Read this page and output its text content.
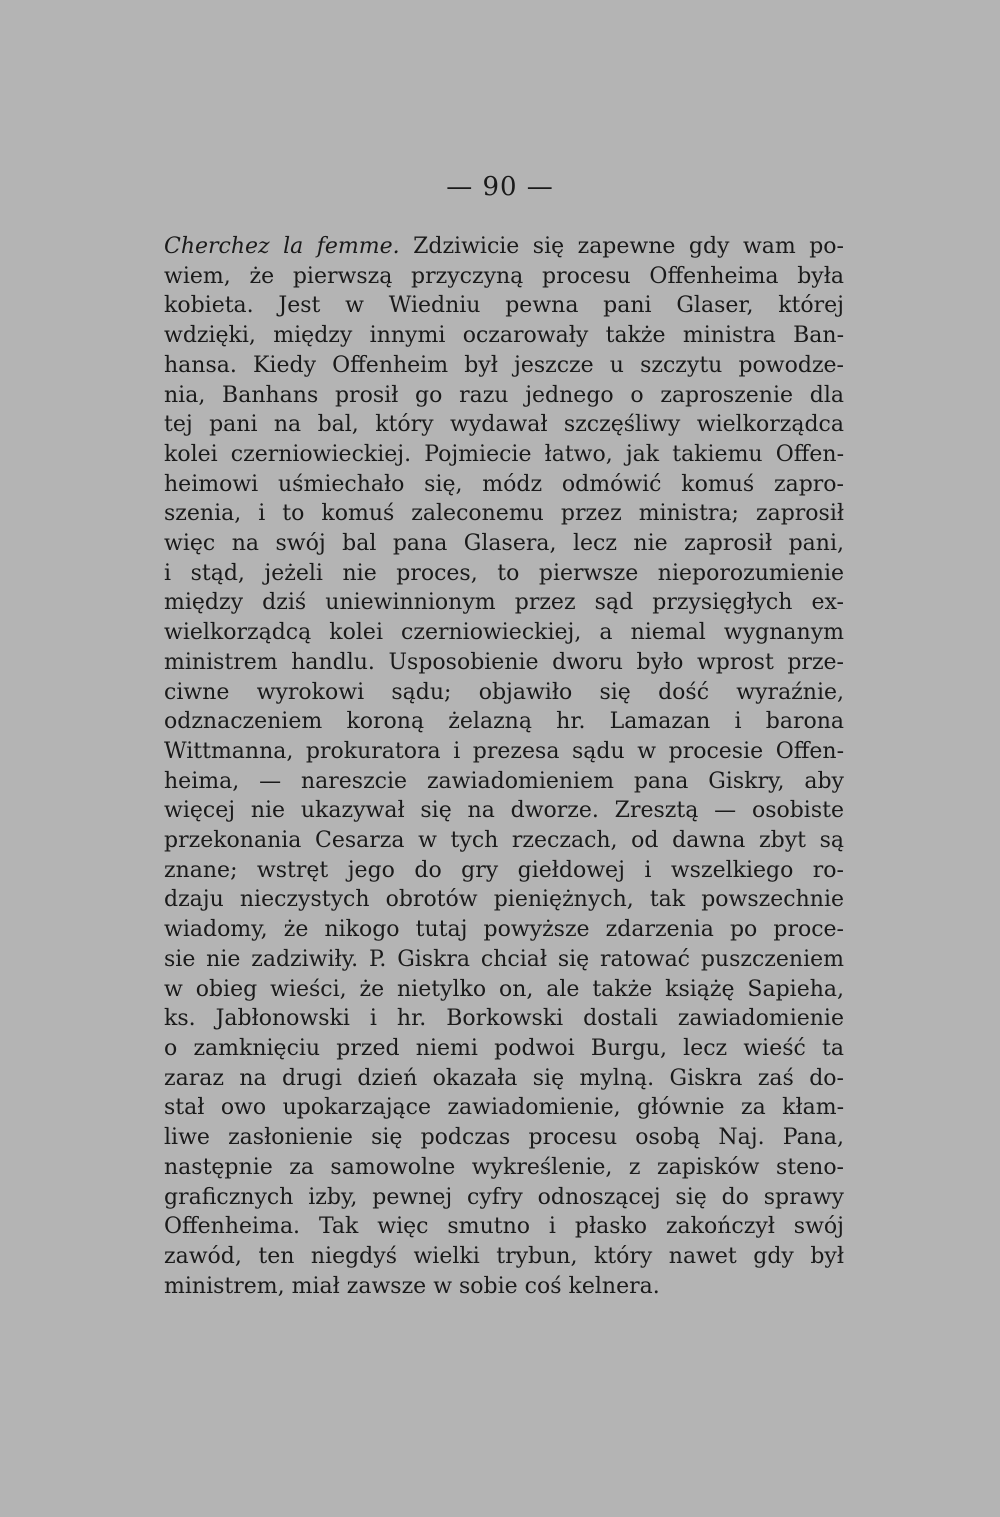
— 90 —
Cherchez la femme. Zdziwicie się zapewne gdy wam po-
wiem, że pierwszą przyczyną procesu Offenheima była
kobieta. Jest w Wiedniu pewna pani Glaser, której
wdzięki, między innymi oczarowały także ministra Ban-
hansa. Kiedy Offenheim był jeszcze u szczytu powodze-
nia, Banhans prosił go razu jednego o zaproszenie dla
tej pani na bal, który wydawał szczęśliwy wielkorządca
kolei czerniowieckiej. Pojmiecie łatwo, jak takiemu Offen-
heimowi uśmiechało się, módz odmówić komuś zapro-
szenia, i to komuś zaleconemu przez ministra; zaprosił
więc na swój bal pana Glasera, lecz nie zaprosił pani,
i stąd, jeżeli nie proces, to pierwsze nieporozumienie
między dziś uniewinnionym przez sąd przysięgłych ex-
wielkorządcą kolei czerniowieckiej, a niemal wygnanym
ministrem handlu. Usposobienie dworu było wprost prze-
ciwne wyrokowi sądu; objawiło się dość wyraźnie,
odznaczeniem koroną żelazną hr. Lamazan i barona
Wittmanna, prokuratora i prezesa sądu w procesie Offen-
heima, — nareszcie zawiadomieniem pana Giskry, aby
więcej nie ukazywał się na dworze. Zresztą — osobiste
przekonania Cesarza w tych rzeczach, od dawna zbyt są
znane; wstręt jego do gry giełdowej i wszelkiego ro-
dzaju nieczystych obrotów pieniężnych, tak powszechnie
wiadomy, że nikogo tutaj powyższe zdarzenia po proce-
sie nie zadziwiły. P. Giskra chciał się ratować puszczeniem
w obieg wieści, że nietylko on, ale także książę Sapieha,
ks. Jabłonowski i hr. Borkowski dostali zawiadomienie
o zamknięciu przed niemi podwoi Burgu, lecz wieść ta
zaraz na drugi dzień okazała się mylną. Giskra zaś do-
stał owo upokarzające zawiadomienie, głównie za kłam-
liwe zasłonienie się podczas procesu osobą Naj. Pana,
następnie za samowolne wykreślenie, z zapisków steno-
graficznych izby, pewnej cyfry odnoszącej się do sprawy
Offenheima. Tak więc smutno i płasko zakończył swój
zawód, ten niegdyś wielki trybun, który nawet gdy był
ministrem, miał zawsze w sobie coś kelnera.
